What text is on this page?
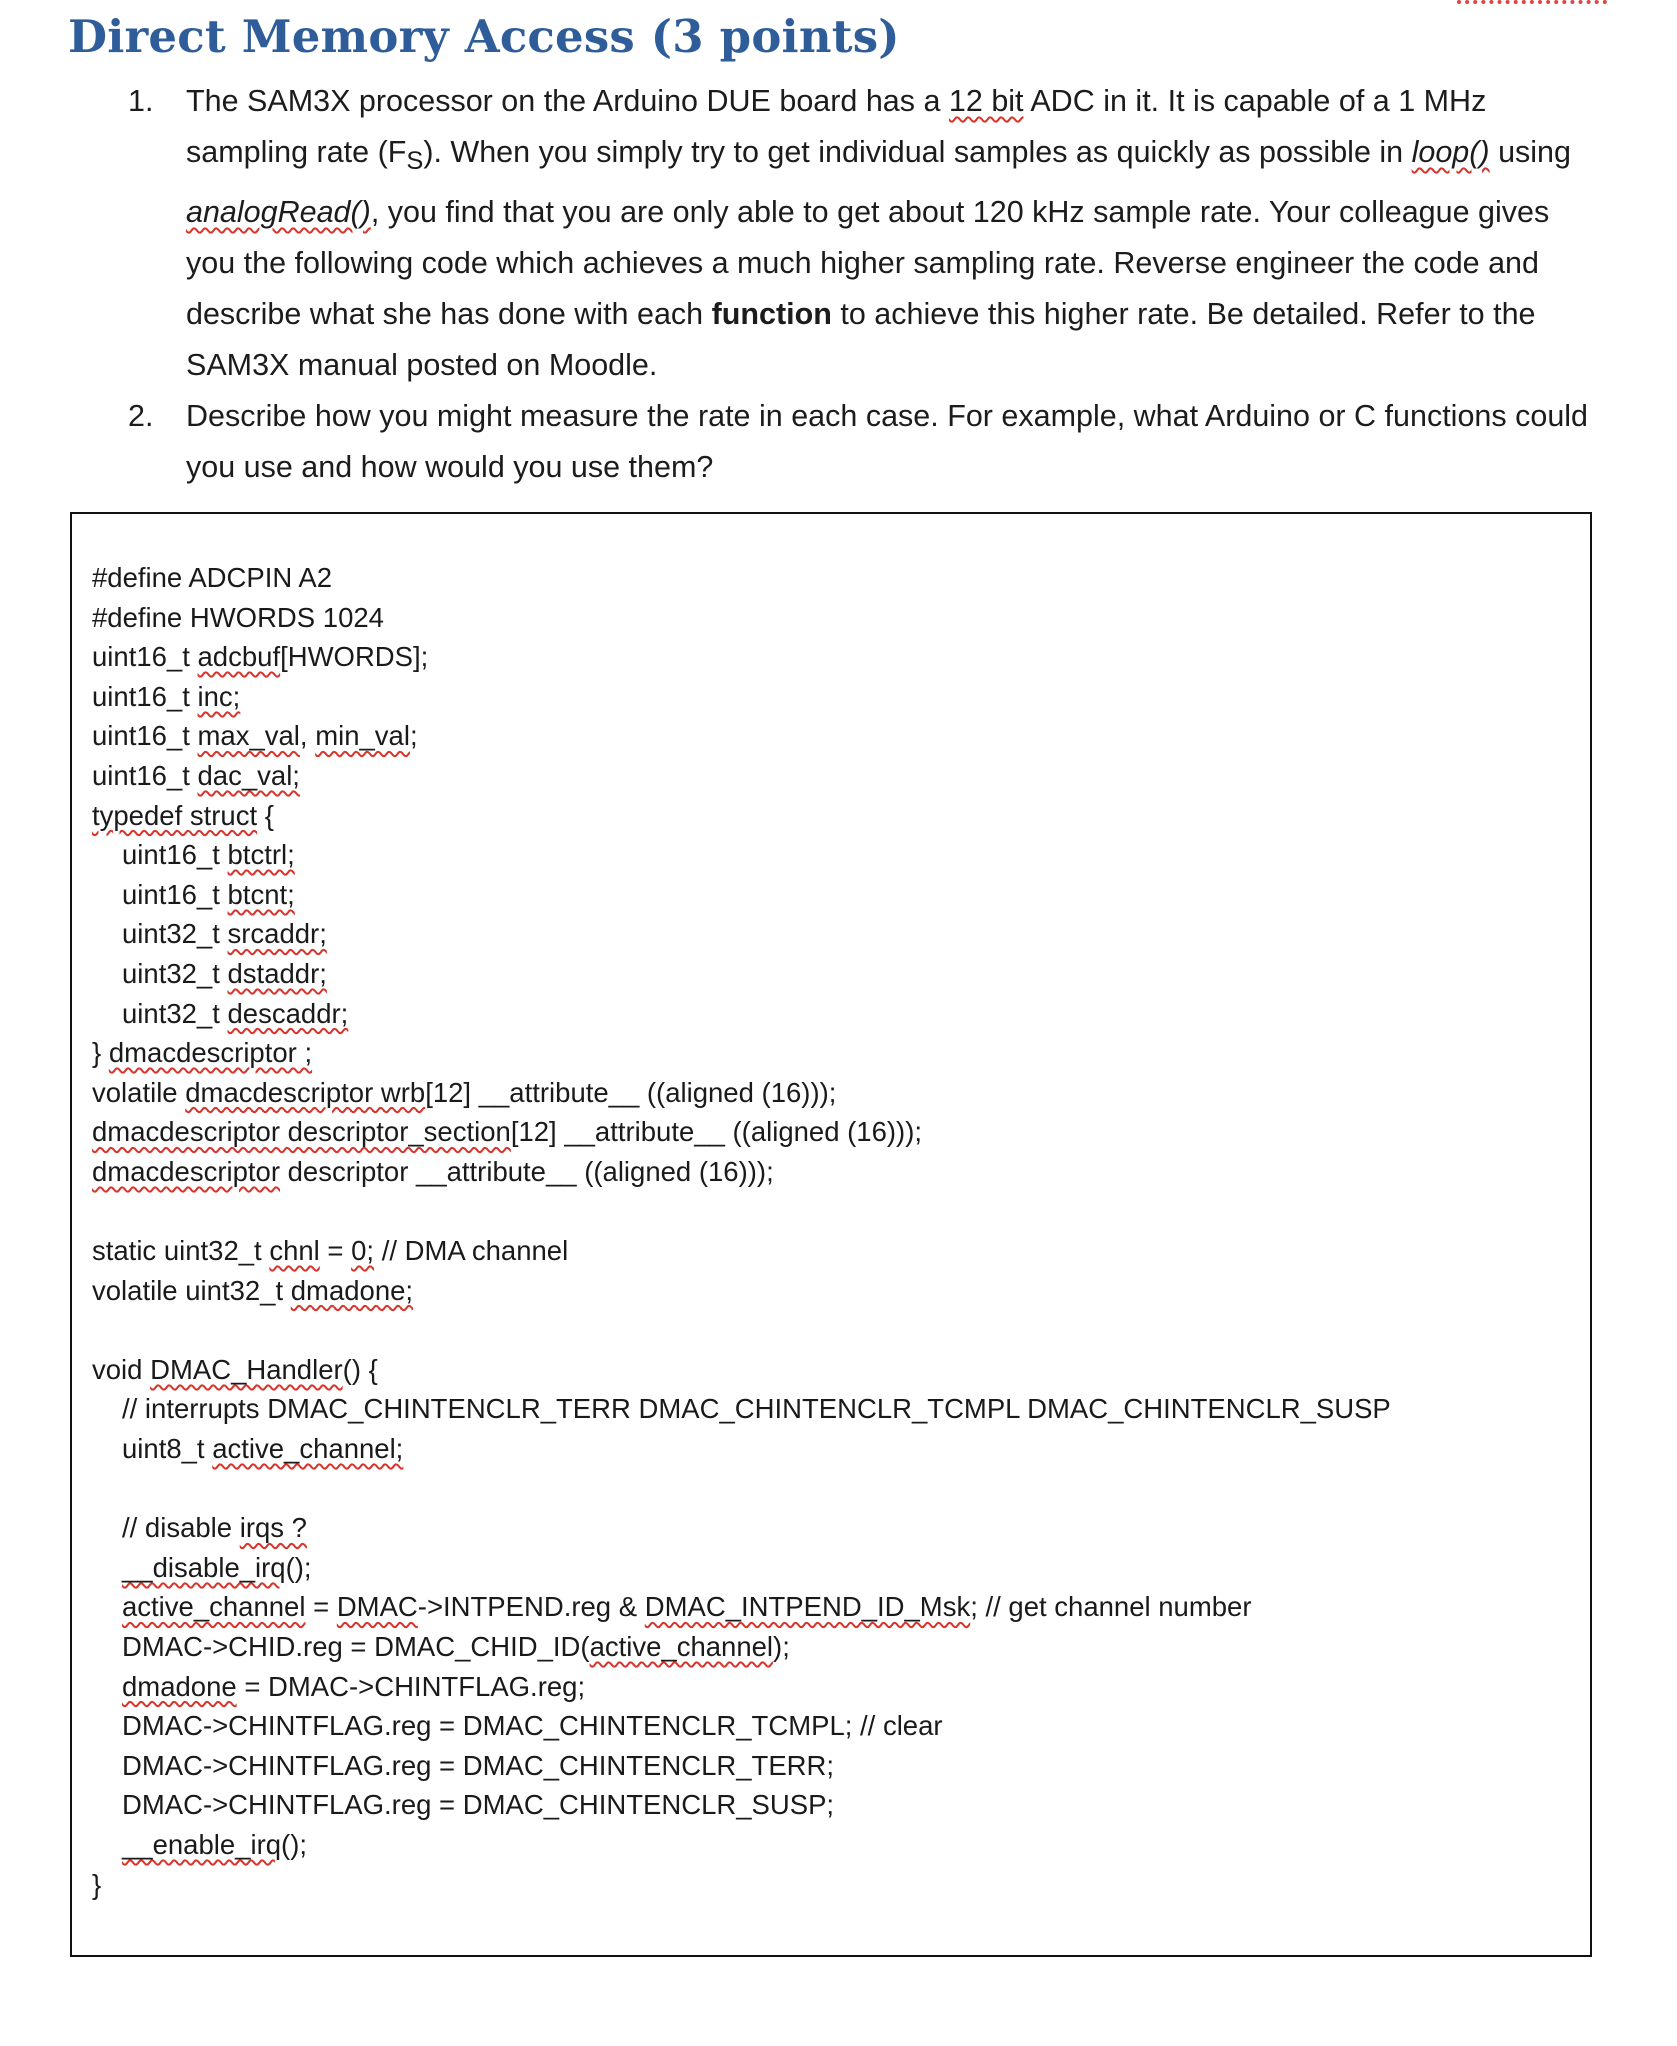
Direct Memory Access (3 points)
1. The SAM3X processor on the Arduino DUE board has a 12 bit ADC in it. It is capable of a 1 MHz sampling rate $(F_S)$. When you simply try to get individual samples as quickly as possible in loop() using analogRead(), you find that you are only able to get about 120 kHz sample rate. Your colleague gives you the following code which achieves a much higher sampling rate. Reverse engineer the code and describe what she has done with each function to achieve this higher rate. Be detailed. Refer to the SAM3X manual posted on Moodle.
2. Describe how you might measure the rate in each case. For example, what Arduino or C functions could you use and how would you use them?
#define ADCPIN A2
#define HWORDS 1024
uint16_t adcbuf[HWORDS];
uint16_t inc;
uint16_t max_val, min_val;
uint16_t dac_val;
typedef struct {
uint16_t btctrl;
uint16_t btcnt;
uint32_t srcaddr;
uint32_t dstaddr;
uint32_t descaddr;
} dmacdescriptor ;
volatile dmacdescriptor wrb[12] __attribute__ ((aligned (16)));
dmacdescriptor descriptor_section[12] __attribute__ ((aligned (16)));
dmacdescriptor descriptor __attribute__ ((aligned (16)));
static uint32_t chnl = 0; // DMA channel
volatile uint32_t dmadone;
void DMAC_Handler() {
// interrupts DMAC_CHINTENCLR_TERR DMAC_CHINTENCLR_TCMPL DMAC_CHINTENCLR_SUSP
uint8_t active_channel;
// disable irqs ?
__disable_irq();
active_channel = DMAC->INTPEND.reg & DMAC_INTPEND_ID_Msk; // get channel number
DMAC->CHID.reg = DMAC_CHID_ID(active_channel);
dmadone = DMAC->CHINTFLAG.reg;
DMAC->CHINTFLAG.reg = DMAC_CHINTENCLR_TCMPL; // clear
DMAC->CHINTFLAG.reg = DMAC_CHINTENCLR_TERR;
DMAC->CHINTFLAG.reg = DMAC_CHINTENCLR_SUSP;
__enable_irq();
}
